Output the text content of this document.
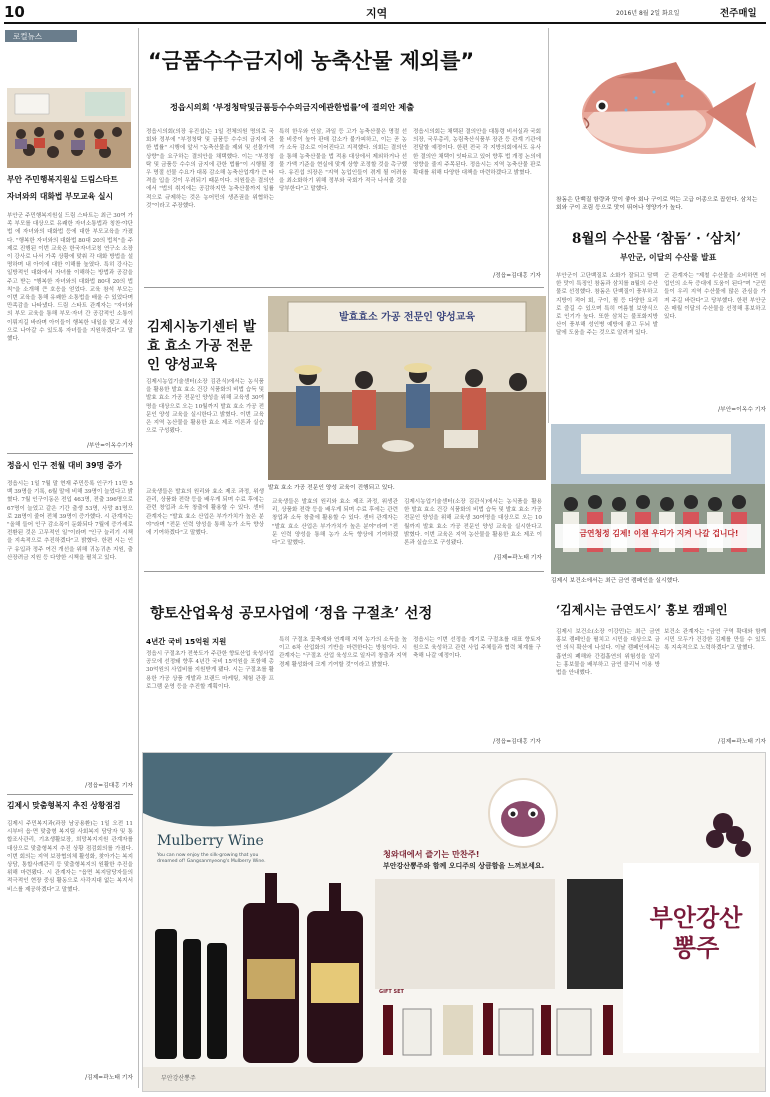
10	지역	2016년 8월 2일 화요일	전주매일
로컬뉴스
부안 주민행복지원실 드림스타트
자녀와의 대화법 부모교육 실시
부안군 주민행복지원실 드림 스타트는 최근 30여 가족 부모를 대상으로 유쾌한 자녀소통법과 칭찬·야단법 에 자녀와의 대화법 등에 대한 부모교육을 가졌다. "행복한 자녀와의 대화법 80대 20의 법칙"을 주제로 진행된 이번 교육은 한국자녀코칭 연구소 소장이 강사로 나서 가족 상황에 맞춰 각 대화 방법을 설명하며 내 아이에 대한 이해를 높였다. 특히 강사는 일방적인 대화에서 자녀를 이해하는 방법과 공감을 주고 받는 "행복한 자녀와의 대화법 80대 20의 법칙"을 소개해 큰 호응을 얻었다. 교육 참석 부모는 이번 교육을 통해 유쾌한 소통법을 배울 수 있었다며 만족감을 나타냈다. 드림 스타트 관계자는 "자녀와의 부모 교육을 통해 부모·자녀 간 공감적인 소통이 이뤄지길 바라며 아이들이 행복한 내일을 맞고 세상으로 나아갈 수 있도록 자녀들을 지원하겠다"고 말했다.
/부안=이옥수기자
정읍시 인구 전월 대비 39명 증가
정읍시는 1일 7월 말 현재 주민등록 인구가 11만 5백 39명을 기록, 6월 말에 비해 39명이 늘었다고 밝혔다. 7월 인구이동은 전입 463명, 전출 396명으로 67명이 늘었고 같은 기간 출생 53명, 사망 81명으로 28명이 줄어 전체 39명이 증가했다. 시 관계자는 "올해 들어 인구 감소폭이 둔화되다 7월에 증가세로 전환된 것은 고무적인 일"이라며 "인구 늘리기 시책을 지속적으로 추진하겠다"고 밝혔다. 한편 시는 인구 유입과 정주 여건 개선을 위해 귀농귀촌 지원, 출산장려금 지원 등 다양한 시책을 펼치고 있다.
/정읍=김대홍 기자
김제시 맞춤형복지 추진 상황점검
김제시 주민복지과(과장 남궁용환)는 1일 오전 11시부터 읍·면 맞춤형 복지팀 사회복지 담당자 및 통합조사관리, 기초생활보장, 희망복지지원 관계자를 대상으로 맞춤형복지 추진 상황 점검회의를 가졌다. 이번 회의는 지역 보장협의체 활성화, 찾아가는 복지상담, 통합사례관리 등 맞춤형복지의 원활한 추진을 위해 마련됐다. 시 관계자는 "읍면 복지담당자들의 적극적인 현장 중심 활동으로 사각지대 없는 복지서비스를 제공하겠다"고 말했다.
/김제=곽노태 기자
“금품수수금지에 농축산물 제외를”
정읍시의회 ‘부정청탁및금품등수수의금지에관한법률’에 결의안 제출
정읍시의회(의장 유진섭)는 1일 전체의원 명의로 국회와 정부에 "부정청탁 및 금품등 수수의 금지에 관한 법률" 시행에 앞서 "농축산물을 제외 및 선물가액 상향"을 요구하는 결의안을 채택했다. 이는 "부정청탁 및 금품등 수수의 금지에 관한 법률"이 시행될 경우 명절 선물 수요가 대폭 감소해 농축산업계가 큰 타격을 입을 것이 우려되기 때문이다. 의원들은 결의안에서 "법의 취지에는 공감하지만 농축산물까지 일률적으로 규제하는 것은 농어민의 생존권을 위협하는 것"이라고 주장했다.
특히 한우와 인삼, 과일 등 고가 농축산물은 명절 선물 비중이 높아 판매 감소가 불가피하고, 이는 곧 농가 소득 감소로 이어진다고 지적했다. 의회는 결의안을 통해 농축산물을 법 적용 대상에서 제외하거나 선물 가액 기준을 현실에 맞게 상향 조정할 것을 촉구했다. 유진섭 의장은 "지역 농업인들이 겪게 될 어려움을 최소화하기 위해 정부와 국회가 적극 나서줄 것을 당부한다"고 말했다.
정읍시의회는 채택된 결의안을 대통령 비서실과 국회의장, 국무총리, 농림축산식품부 장관 등 관계 기관에 전달할 예정이다. 한편 전국 각 지방의회에서도 유사한 결의안 채택이 잇따르고 있어 향후 법 개정 논의에 영향을 줄지 주목된다. 정읍시는 지역 농축산물 판로 확대를 위해 다양한 대책을 마련하겠다고 밝혔다.
/정읍=김대홍 기자
참돔은 단백질 함량과 맛이 좋아 회나 구이로 먹는 고급 어종으로 꼽힌다. 삼치는 회와 구이 조림 등으로 맛이 뛰어나 영양가가 높다.
8월의 수산물 ‘참돔’ · ‘삼치’
부안군, 이달의 수산물 발표
부안군이 고단백질로 소화가 잘되고 담백한 맛이 특징인 참돔과 삼치를 8월의 수산물로 선정했다. 참돔은 단백질이 풍부하고 지방이 적어 회, 구이, 찜 등 다양한 요리로 즐길 수 있으며 특히 여름철 보양식으로 인기가 높다. 또한 삼치는 불포화지방산이 풍부해 성인병 예방에 좋고 두뇌 발달에 도움을 주는 것으로 알려져 있다.
군 관계자는 "제철 수산물을 소비하면 어업인의 소득 증대에 도움이 된다"며 "군민들이 우리 지역 수산물에 많은 관심을 가져 주길 바란다"고 당부했다. 한편 부안군은 매월 이달의 수산물을 선정해 홍보하고 있다.
/부안=이옥수 기자
김제시농기센터 발효 효소 가공 전문인 양성교육
김제시농업기술센터(소장 김관식)에서는 농식품을 활용한 발효 효소 건강 식품화의 비법 습득 및 발효 효소 가공 전문인 양성을 위해 교육생 30여명을 대상으로 오는 10월까지 발효 효소 가공 전문인 양성 교육을 실시한다고 밝혔다. 이번 교육은 지역 농산물을 활용한 효소 제조 이론과 실습으로 구성됐다.
발효효소 가공 전문인 양성교육
발효 효소 가공 전문인 양성 교육이 진행되고 있다.
교육생들은 발효의 원리와 효소 제조 과정, 위생관리, 상품화 전략 등을 배우게 되며 수료 후에는 관련 창업과 소득 창출에 활용할 수 있다. 센터 관계자는 "발효 효소 산업은 부가가치가 높은 분야"라며 "전문 인력 양성을 통해 농가 소득 향상에 기여하겠다"고 말했다.
교육생들은 발효의 원리와 효소 제조 과정, 위생관리, 상품화 전략 등을 배우게 되며 수료 후에는 관련 창업과 소득 창출에 활용할 수 있다. 센터 관계자는 "발효 효소 산업은 부가가치가 높은 분야"라며 "전문 인력 양성을 통해 농가 소득 향상에 기여하겠다"고 말했다.
김제시농업기술센터(소장 김관식)에서는 농식품을 활용한 발효 효소 건강 식품화의 비법 습득 및 발효 효소 가공 전문인 양성을 위해 교육생 30여명을 대상으로 오는 10월까지 발효 효소 가공 전문인 양성 교육을 실시한다고 밝혔다. 이번 교육은 지역 농산물을 활용한 효소 제조 이론과 실습으로 구성됐다.
/김제=곽노태 기자
금연청정 김제! 이젠 우리가 지켜 나갈 겁니다!
김제시 보건소에서는 최근 금연 캠페인을 실시했다.
향토산업육성 공모사업에 ‘정읍 구절초’ 선정
4년간 국비 15억원 지원
정읍시 구절초가 전북도가 주관한 향토산업 육성사업 공모에 선정돼 향후 4년간 국비 15억원을 포함해 총 30억원의 사업비를 지원받게 됐다. 시는 구절초를 활용한 가공 상품 개발과 브랜드 마케팅, 체험 관광 프로그램 운영 등을 추진할 계획이다.
특히 구절초 꽃축제와 연계해 지역 농가의 소득을 높이고 6차 산업화의 기반을 마련한다는 방침이다. 시 관계자는 "구절초 산업 육성으로 일자리 창출과 지역 경제 활성화에 크게 기여할 것"이라고 밝혔다.
정읍시는 이번 선정을 계기로 구절초를 대표 향토자원으로 육성하고 관련 사업 주체들과 협력 체계를 구축해 나갈 예정이다.
/정읍=김대홍 기자
‘김제시는 금연도시’ 홍보 캠페인
김제시 보건소(소장 이강민)는 최근 금연 홍보 캠페인을 펼치고 시민을 대상으로 금연 의식 확산에 나섰다. 이날 캠페인에서는 흡연의 폐해와 간접흡연의 위험성을 알리는 홍보물을 배부하고 금연 클리닉 이용 방법을 안내했다.
보건소 관계자는 "금연 구역 확대와 함께 시민 모두가 건강한 김제를 만들 수 있도록 지속적으로 노력하겠다"고 말했다.
/김제=곽노태 기자
Mulberry Wine
You can now enjoy the silk-growing that you dreamed of! Gangsanmyeong's Mulberry Wine.
청와대에서 즐기는 만찬주!
부안강산뽕주와 함께 오디주의 상큼함을 느껴보세요.
GIFT SET
부안강산 뽕주
부안강산뽕주
